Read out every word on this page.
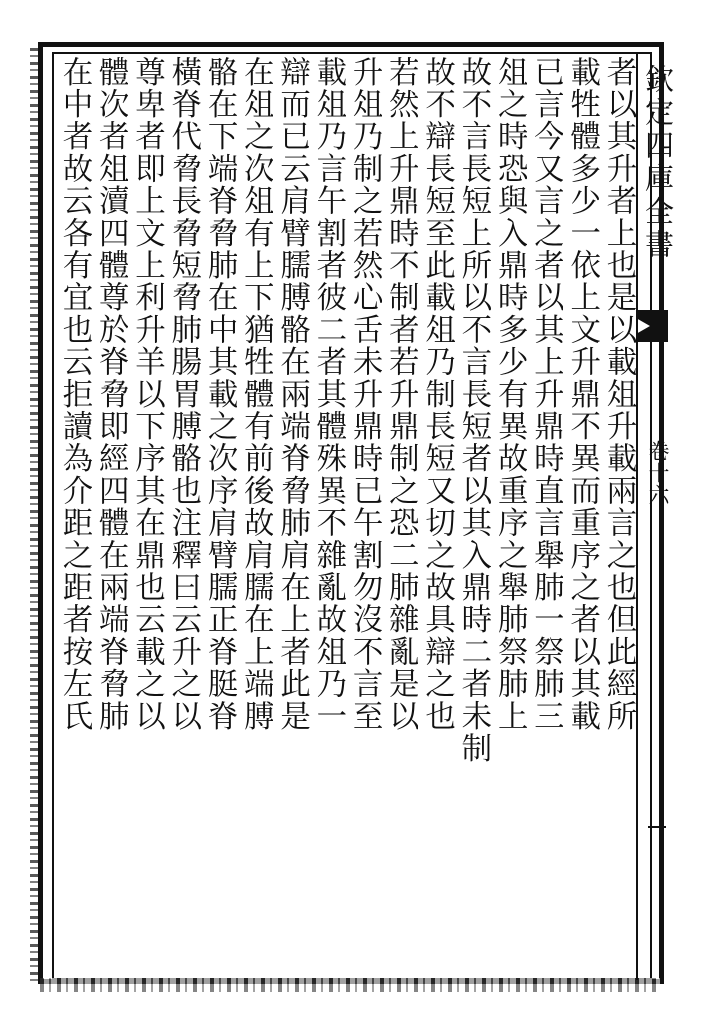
者以其升者上也是以載俎升載兩言之也但此經所
載牲體多少一依上文升鼎不異而重序之者以其載
已言今又言之者以其上升鼎時直言舉肺一祭肺三
俎之時恐與入鼎時多少有異故重序之舉肺祭肺上
故不言長短上所以不言長短者以其入鼎時二者未制
故不辯長短至此載俎乃制長短又切之故具辯之也
若然上升鼎時不制者若升鼎制之恐二肺雜亂是以
升俎乃制之若然心舌未升鼎時已午割勿沒不言至
載俎乃言午割者彼二者其體殊異不雜亂故俎乃一
辯而已云肩臂臑膊骼在兩端脊脅肺肩在上者此是
在俎之次俎有上下猶牲體有前後故肩臑在上端膊
骼在下端脊脅肺在中其載之次序肩臂臑正脊脡脊
橫脊代脅長脅短脅肺腸胃膊骼也注釋曰云升之以
尊卑者即上文上利升羊以下序其在鼎也云載之以
體次者俎瀆四體尊於脊脅即經四體在兩端脊脅肺
在中者故云各有宜也云拒讀為介距之距者按左氏	欽定四庫全書
卷十六
